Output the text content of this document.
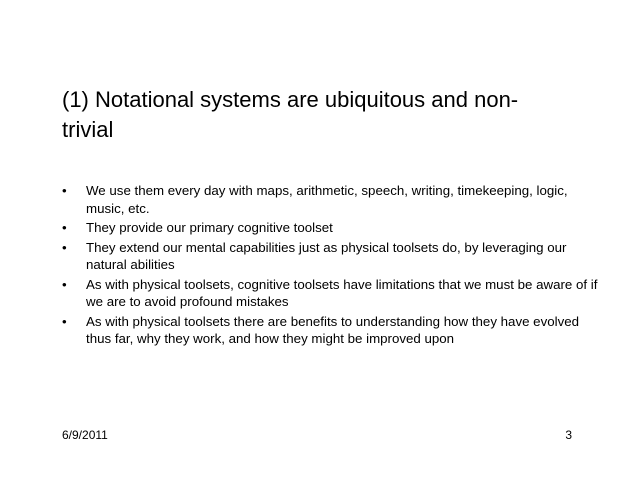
(1) Notational systems are ubiquitous and non-
trivial
• We use them every day with maps, arithmetic, speech, writing, timekeeping, logic, music, etc.
• They provide our primary cognitive toolset
• They extend our mental capabilities just as physical toolsets do, by leveraging our natural abilities
• As with physical toolsets, cognitive toolsets have limitations that we must be aware of if we are to avoid profound mistakes
• As with physical toolsets there are benefits to understanding how they have evolved thus far, why they work, and how they might be improved upon
6/9/2011	3
